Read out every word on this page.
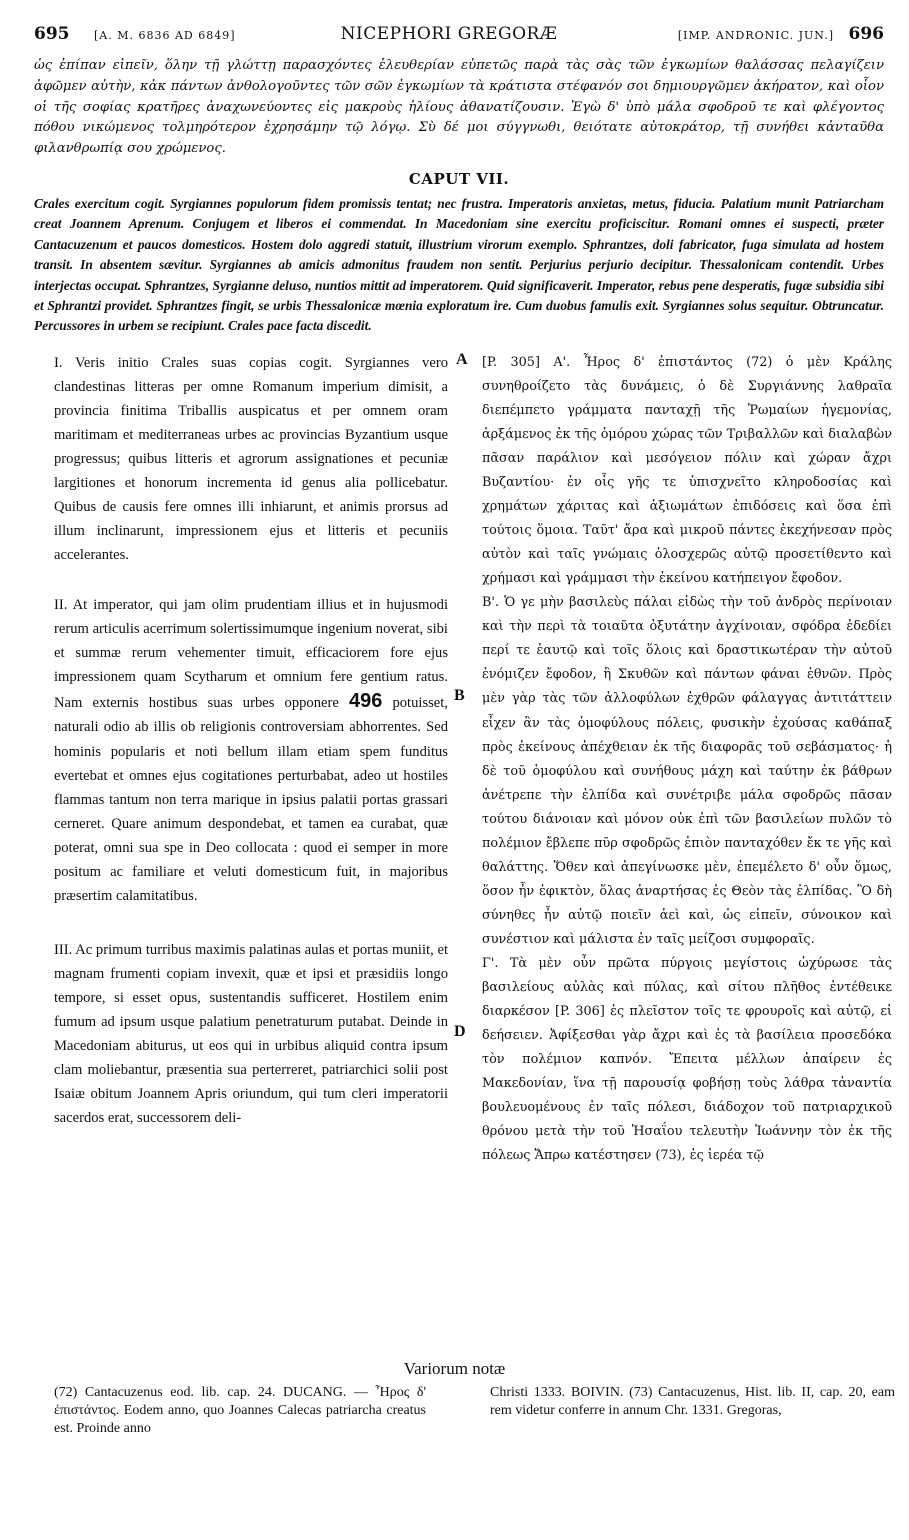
695	[A. M. 6836 AD 6849]	NICEPHORI GREGORÆ	[IMP. ANDRONIC. JUN.] 696
ὡς ἐπίπαν εἰπεῖν, ὅλην τῇ γλώττῃ παρασχόντες ἐλευθερίαν εὐπετῶς παρὰ τὰς σὰς τῶν ἐγκωμίων θαλάσσας πελαγίζειν ἀφῶμεν αὐτὴν, κἀκ πάντων ἀνθολογοῦντες τῶν σῶν ἐγκωμίων τὰ κράτιστα στέφανόν σοι δημιουργῶμεν ἀκήρατον, καὶ οἷον οἱ τῆς σοφίας κρατῆρες ἀναχωνεύοντες εἰς μακροὺς ἡλίους ἀθανατίζουσιν. Ἐγὼ δ' ὑπὸ μάλα σφοδροῦ τε καὶ φλέγοντος πόθου νικώμενος τολμηρότερον ἐχρησάμην τῷ λόγῳ. Σὺ δέ μοι σύγγνωθι, θειότατε αὐτοκράτορ, τῇ συνήθει κἀνταῦθα φιλανθρωπίᾳ σου χρώμενος.
CAPUT VII.
Crales exercitum cogit. Syrgiannes populorum fidem promissis tentat; nec frustra. Imperatoris anxietas, metus, fiducia. Palatium munit Patriarcham creat Joannem Aprenum. Conjugem et liberos ei commendat. In Macedoniam sine exercitu proficiscitur. Romani omnes ei suspecti, præter Cantacuzenum et paucos domesticos. Hostem dolo aggredi statuit, illustrium virorum exemplo. Sphrantzes, doli fabricator, fuga simulata ad hostem transit. In absentem sævitur. Syrgiannes ab amicis admonitus fraudem non sentit. Perjurius perjurio decipitur. Thessalonicam contendit. Urbes interjectas occupat. Sphrantzes, Syrgianne deluso, nuntios mittit ad imperatorem. Quid significaverit. Imperator, rebus pene desperatis, fugæ subsidia sibi et Sphrantzi providet. Sphrantzes fingit, se urbis Thessalonicæ mœnia exploratum ire. Cum duobus famulis exit. Syrgiannes solus sequitur. Obtruncatur. Percussores in urbem se recipiunt. Crales pace facta discedit.

I. Veris initio Crales suas copias cogit. Syrgiannes vero clandestinas litteras per omne Romanum imperium dimisit, a provincia finitima Triballis auspicatus et per omnem oram maritimam et mediterraneas urbes ac provincias Byzantium usque progressus; quibus litteris et agrorum assignationes et pecuniæ largitiones et honorum incrementa id genus alia pollicebatur. Quibus de causis fere omnes illi inhiarunt, et animis prorsus ad illum inclinarunt, impressionem ejus et litteris et pecuniis accelerantes.

II. At imperator, qui jam olim prudentiam illius et in hujusmodi rerum articulis acerrimum solertissimumque ingenium noverat, sibi et summæ rerum vehementer timuit, efficaciorem fore ejus impressionem quam Scytharum et omnium fere gentium ratus. Nam externis hostibus suas urbes opponere 496 potuisset, naturali odio ab illis ob religionis controversiam abhorrentes. Sed hominis popularis et noti bellum illam etiam spem funditus evertebat et omnes ejus cogitationes perturbabat, adeo ut hostiles flammas tantum non terra marique in ipsius palatii portas grassari cerneret. Quare animum despondebat, et tamen ea curabat, quæ poterat, omni sua spe in Deo collocata : quod ei semper in more positum ac familiare et veluti domesticum fuit, in majoribus præsertim calamitatibus.

III. Ac primum turribus maximis palatinas aulas et portas muniit, et magnam frumenti copiam invexit, quæ et ipsi et præsidiis longo tempore, si esset opus, sustentandis sufficeret. Hostilem enim fumum ad ipsum usque palatium penetraturum putabat. Deinde in Macedoniam abiturus, ut eos qui in urbibus aliquid contra ipsum clam moliebantur, præsentia sua perterreret, patriarchici solii post Isaiæ obitum Joannem Apris oriundum, qui tum cleri imperatorii sacerdos erat, successorem deli-

A
B
D

[P. 305] Α'. Ἦρος δ' ἐπιστάντος (72) ὁ μὲν Κράλης συνηθροίζετο τὰς δυνάμεις, ὁ δὲ Συργιάννης λαθραῖα διεπέμπετο γράμματα πανταχῇ τῆς Ῥωμαίων ἡγεμονίας, ἀρξάμενος ἐκ τῆς ὁμόρου χώρας τῶν Τριβαλλῶν καὶ διαλαβὼν πᾶσαν παράλιον καὶ μεσόγειον πόλιν καὶ χώραν ἄχρι Βυζαντίου· ἐν οἷς γῆς τε ὑπισχνεῖτο κληροδοσίας καὶ χρημάτων χάριτας καὶ ἀξιωμάτων ἐπιδόσεις καὶ ὅσα ἐπὶ τούτοις ὅμοια. Ταῦτ' ἄρα καὶ μικροῦ πάντες ἐκεχήνεσαν πρὸς αὐτὸν καὶ ταῖς γνώμαις ὁλοσχερῶς αὐτῷ προσετίθεντο καὶ χρήμασι καὶ γράμμασι τὴν ἐκείνου κατήπειγον ἔφοδον.

Β'. Ὁ γε μὴν βασιλεὺς πάλαι εἰδὼς τὴν τοῦ ἀνδρὸς περίνοιαν καὶ τὴν περὶ τὰ τοιαῦτα ὀξυτάτην ἀγχίνοιαν, σφόδρα ἐδεδίει περί τε ἑαυτῷ καὶ τοῖς ὅλοις καὶ δραστικωτέραν τὴν αὐτοῦ ἐνόμιζεν ἔφοδον, ἢ Σκυθῶν καὶ πάντων φάναι ἐθνῶν. Πρὸς μὲν γὰρ τὰς τῶν ἀλλοφύλων ἐχθρῶν φάλαγγας ἀντιτάττειν εἶχεν ἂν τὰς ὁμοφύλους πόλεις, φυσικὴν ἐχούσας καθάπαξ πρὸς ἐκείνους ἀπέχθειαν ἐκ τῆς διαφορᾶς τοῦ σεβάσματος· ἡ δὲ τοῦ ὁμοφύλου καὶ συνήθους μάχη καὶ ταύτην ἐκ βάθρων ἀνέτρεπε τὴν ἐλπίδα καὶ συνέτριβε μάλα σφοδρῶς πᾶσαν τούτου διάνοιαν καὶ μόνον οὐκ ἐπὶ τῶν βασιλείων πυλῶν τὸ πολέμιον ἔβλεπε πῦρ σφοδρῶς ἐπιὸν πανταχόθεν ἔκ τε γῆς καὶ θαλάττης. Ὅθεν καὶ ἀπεγίνωσκε μὲν, ἐπεμέλετο δ' οὖν ὅμως, ὅσον ἦν ἐφικτὸν, ὅλας ἀναρτήσας ἐς Θεὸν τὰς ἐλπίδας. Ὃ δὴ σύνηθες ἦν αὐτῷ ποιεῖν ἀεὶ καὶ, ὡς εἰπεῖν, σύνοικον καὶ συνέστιον καὶ μάλιστα ἐν ταῖς μείζοσι συμφοραῖς.

Γ'. Τὰ μὲν οὖν πρῶτα πύργοις μεγίστοις ὠχύρωσε τὰς βασιλείους αὐλὰς καὶ πύλας, καὶ σίτου πλῆθος ἐντέθεικε διαρκέσον [P. 306] ἐς πλεῖστον τοῖς τε φρουροῖς καὶ αὐτῷ, εἰ δεήσειεν. Ἀφίξεσθαι γὰρ ἄχρι καὶ ἐς τὰ βασίλεια προσεδόκα τὸν πολέμιον καπνόν. Ἔπειτα μέλλων ἀπαίρειν ἐς Μακεδονίαν, ἵνα τῇ παρουσίᾳ φοβήσῃ τοὺς λάθρα τἀναντία βουλευομένους ἐν ταῖς πόλεσι, διάδοχον τοῦ πατριαρχικοῦ θρόνου μετὰ τὴν τοῦ Ἠσαΐου τελευτὴν Ἰωάννην τὸν ἐκ τῆς πόλεως Ἄπρω κατέστησεν (73), ἐς ἱερέα τῷ

Variorum notæ
(72) Cantacuzenus eod. lib. cap. 24. DUCANG. — Ἦρος δ' ἐπιστάντος. Eodem anno, quo Joannes Calecas patriarcha creatus est. Proinde anno
Christi 1333. BOIVIN. (73) Cantacuzenus, Hist. lib. II, cap. 20, eam rem videtur conferre in annum Chr. 1331. Gregoras,
